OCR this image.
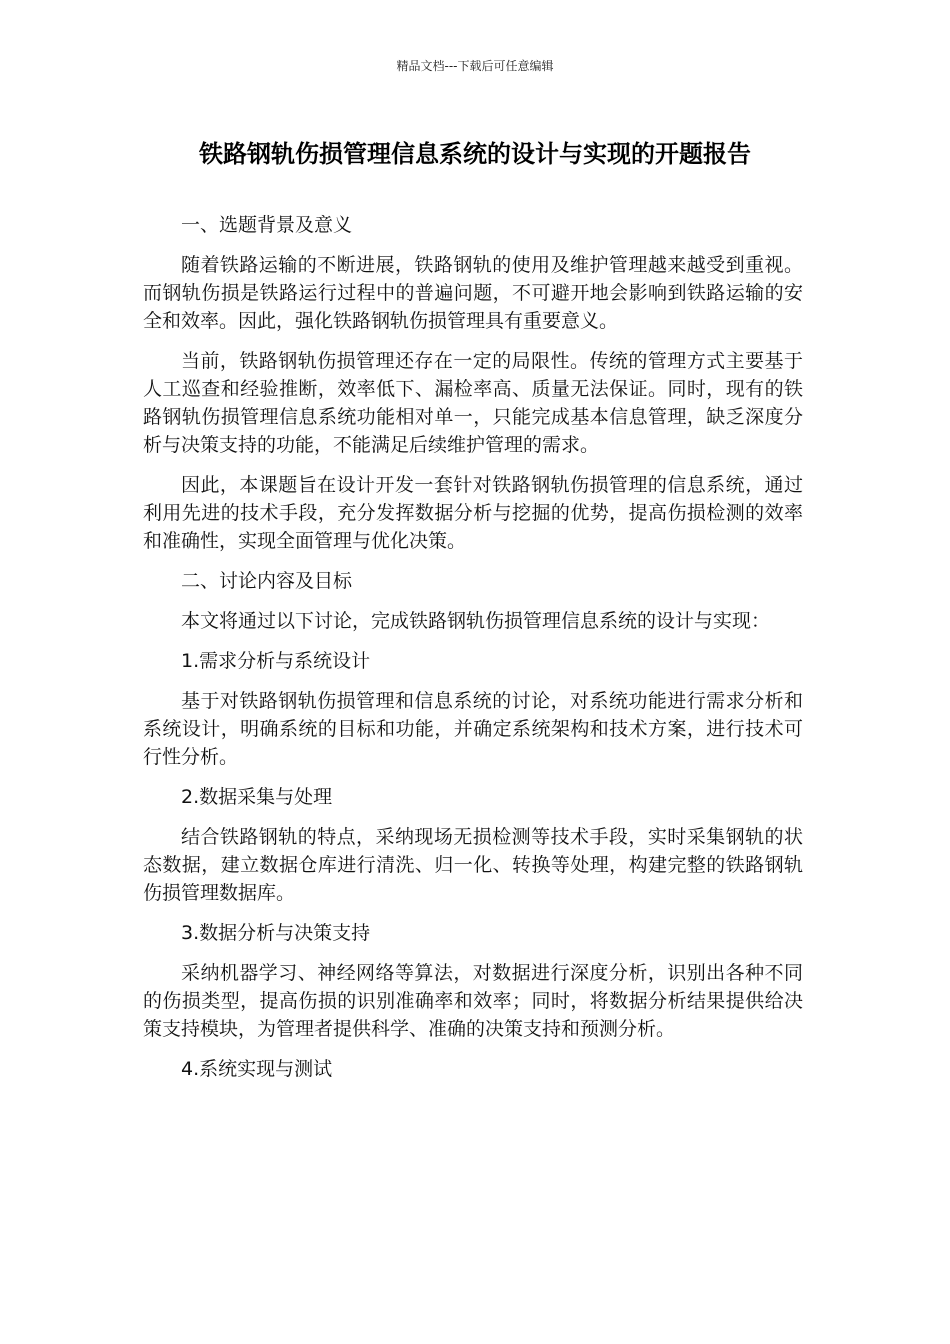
精品文档---下载后可任意编辑
铁路钢轨伤损管理信息系统的设计与实现的开题报告

一、选题背景及意义

随着铁路运输的不断进展，铁路钢轨的使用及维护管理越来越受到重视。而钢轨伤损是铁路运行过程中的普遍问题，不可避开地会影响到铁路运输的安全和效率。因此，强化铁路钢轨伤损管理具有重要意义。

当前，铁路钢轨伤损管理还存在一定的局限性。传统的管理方式主要基于人工巡查和经验推断，效率低下、漏检率高、质量无法保证。同时，现有的铁路钢轨伤损管理信息系统功能相对单一，只能完成基本信息管理，缺乏深度分析与决策支持的功能，不能满足后续维护管理的需求。

因此，本课题旨在设计开发一套针对铁路钢轨伤损管理的信息系统，通过利用先进的技术手段，充分发挥数据分析与挖掘的优势，提高伤损检测的效率和准确性，实现全面管理与优化决策。

二、讨论内容及目标

本文将通过以下讨论，完成铁路钢轨伤损管理信息系统的设计与实现：

1.需求分析与系统设计

基于对铁路钢轨伤损管理和信息系统的讨论，对系统功能进行需求分析和系统设计，明确系统的目标和功能，并确定系统架构和技术方案，进行技术可行性分析。

2.数据采集与处理

结合铁路钢轨的特点，采纳现场无损检测等技术手段，实时采集钢轨的状态数据，建立数据仓库进行清洗、归一化、转换等处理，构建完整的铁路钢轨伤损管理数据库。

3.数据分析与决策支持

采纳机器学习、神经网络等算法，对数据进行深度分析，识别出各种不同的伤损类型，提高伤损的识别准确率和效率；同时，将数据分析结果提供给决策支持模块，为管理者提供科学、准确的决策支持和预测分析。

4.系统实现与测试
